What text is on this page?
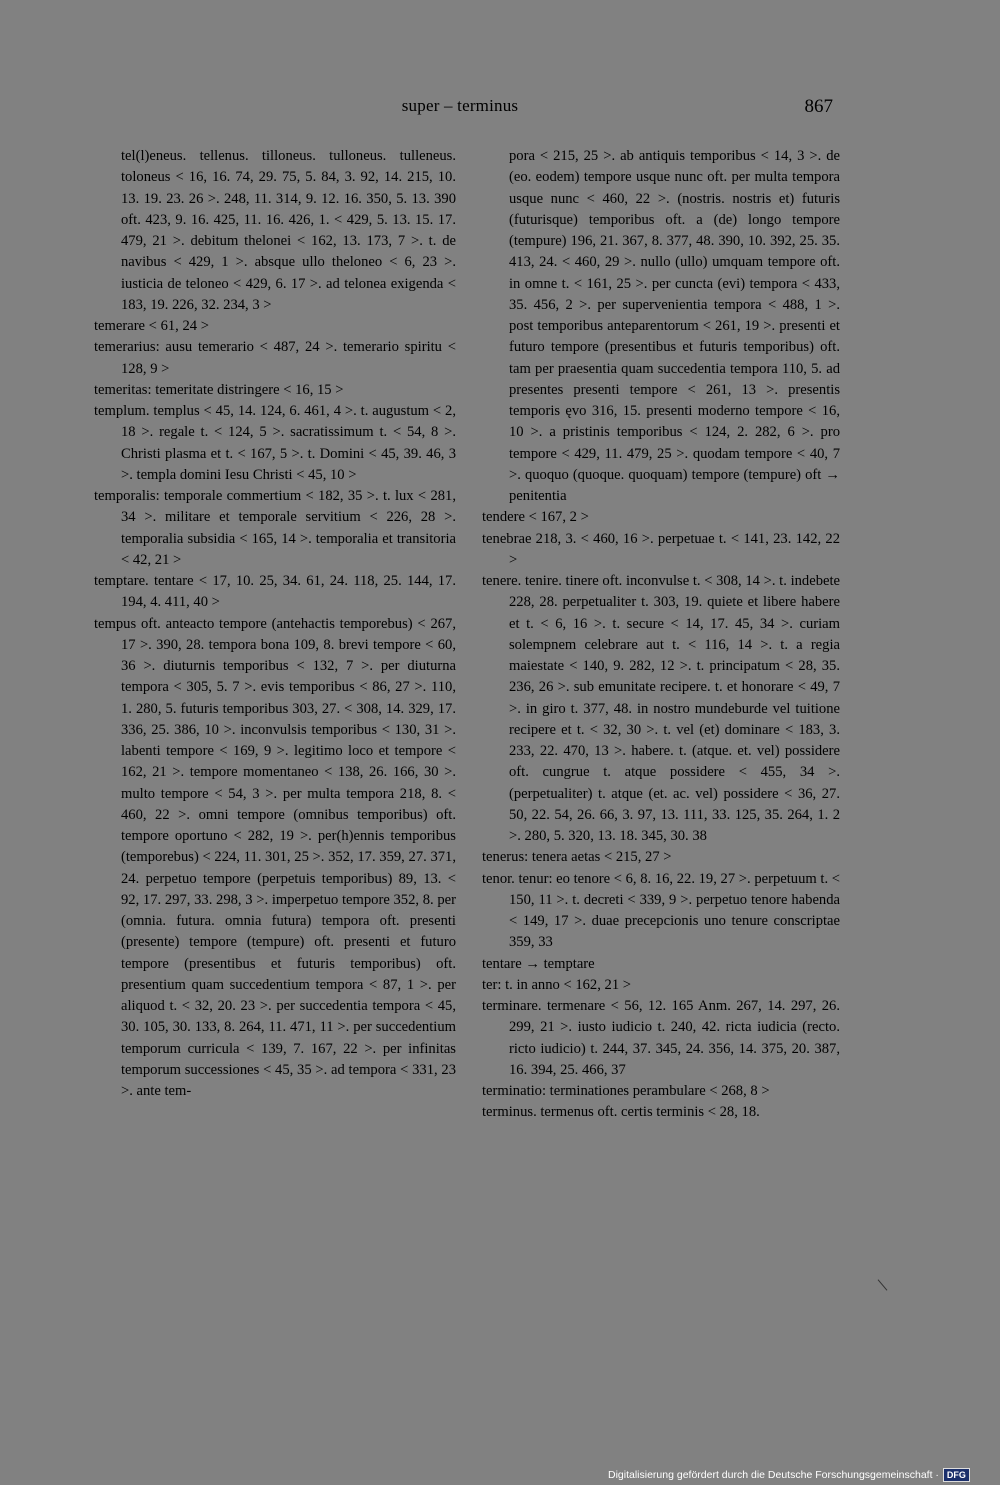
super – terminus	867
tel(l)eneus. tellenus. tilloneus. tulloneus. tulleneus. toloneus < 16, 16. 74, 29. 75, 5. 84, 3. 92, 14. 215, 10. 13. 19. 23. 26 >. 248, 11. 314, 9. 12. 16. 350, 5. 13. 390 oft. 423, 9. 16. 425, 11. 16. 426, 1. < 429, 5. 13. 15. 17. 479, 21 >. debitum thelonei < 162, 13. 173, 7 >. t. de navibus < 429, 1 >. absque ullo theloneo < 6, 23 >. iusticia de teloneo < 429, 6. 17 >. ad telonea exigenda < 183, 19. 226, 32. 234, 3 >
temerare < 61, 24 >
temerarius: ausu temerario < 487, 24 >. temerario spiritu < 128, 9 >
temeritas: temeritate distringere < 16, 15 >
templum. templus < 45, 14. 124, 6. 461, 4 >. t. augustum < 2, 18 >. regale t. < 124, 5 >. sacratissimum t. < 54, 8 >. Christi plasma et t. < 167, 5 >. t. Domini < 45, 39. 46, 3 >. templa domini Iesu Christi < 45, 10 >
temporalis: temporale commertium < 182, 35 >. t. lux < 281, 34 >. militare et temporale servitium < 226, 28 >. temporalia subsidia < 165, 14 >. temporalia et transitoria < 42, 21 >
temptare. tentare < 17, 10. 25, 34. 61, 24. 118, 25. 144, 17. 194, 4. 411, 40 >
tempus oft. anteacto tempore (antehactis temporebus) < 267, 17 >. 390, 28. tempora bona 109, 8. brevi tempore < 60, 36 >. diuturnis temporibus < 132, 7 >. per diuturna tempora < 305, 5. 7 >. evis temporibus < 86, 27 >. 110, 1. 280, 5. futuris temporibus 303, 27. < 308, 14. 329, 17. 336, 25. 386, 10 >. inconvulsis temporibus < 130, 31 >. labenti tempore < 169, 9 >. legitimo loco et tempore < 162, 21 >. tempore momentaneo < 138, 26. 166, 30 >. multo tempore < 54, 3 >. per multa tempora 218, 8. < 460, 22 >. omni tempore (omnibus temporibus) oft. tempore oportuno < 282, 19 >. per(h)ennis temporibus (temporebus) < 224, 11. 301, 25 >. 352, 17. 359, 27. 371, 24. perpetuo tempore (perpetuis temporibus) 89, 13. < 92, 17. 297, 33. 298, 3 >. imperpetuo tempore 352, 8. per (omnia. futura. omnia futura) tempora oft. presenti (presente) tempore (tempure) oft. presenti et futuro tempore (presentibus et futuris temporibus) oft. presentium quam succedentium tempora < 87, 1 >. per aliquod t. < 32, 20. 23 >. per succedentia tempora < 45, 30. 105, 30. 133, 8. 264, 11. 471, 11 >. per succedentium temporum curricula < 139, 7. 167, 22 >. per infinitas temporum successiones < 45, 35 >. ad tempora < 331, 23 >. ante tem-
pora < 215, 25 >. ab antiquis temporibus < 14, 3 >. de (eo. eodem) tempore usque nunc oft. per multa tempora usque nunc < 460, 22 >. (nostris. nostris et) futuris (futurisque) temporibus oft. a (de) longo tempore (tempure) 196, 21. 367, 8. 377, 48. 390, 10. 392, 25. 35. 413, 24. < 460, 29 >. nullo (ullo) umquam tempore oft. in omne t. < 161, 25 >. per cuncta (evi) tempora < 433, 35. 456, 2 >. per supervenientia tempora < 488, 1 >. post temporibus anteparentorum < 261, 19 >. presenti et futuro tempore (presentibus et futuris temporibus) oft. tam per praesentia quam succedentia tempora 110, 5. ad presentes presenti tempore < 261, 13 >. presentis temporis ęvo 316, 15. presenti moderno tempore < 16, 10 >. a pristinis temporibus < 124, 2. 282, 6 >. pro tempore < 429, 11. 479, 25 >. quodam tempore < 40, 7 >. quoquo (quoque. quoquam) tempore (tempure) oft → penitentia
tendere < 167, 2 >
tenebrae 218, 3. < 460, 16 >. perpetuae t. < 141, 23. 142, 22 >
tenere. tenire. tinere oft. inconvulse t. < 308, 14 >. t. indebete 228, 28. perpetualiter t. 303, 19. quiete et libere habere et t. < 6, 16 >. t. secure < 14, 17. 45, 34 >. curiam solempnem celebrare aut t. < 116, 14 >. t. a regia maiestate < 140, 9. 282, 12 >. t. principatum < 28, 35. 236, 26 >. sub emunitate recipere. t. et honorare < 49, 7 >. in giro t. 377, 48. in nostro mundeburde vel tuitione recipere et t. < 32, 30 >. t. vel (et) dominare < 183, 3. 233, 22. 470, 13 >. habere. t. (atque. et. vel) possidere oft. cungrue t. atque possidere < 455, 34 >. (perpetualiter) t. atque (et. ac. vel) possidere < 36, 27. 50, 22. 54, 26. 66, 3. 97, 13. 111, 33. 125, 35. 264, 1. 2 >. 280, 5. 320, 13. 18. 345, 30. 38
tenerus: tenera aetas < 215, 27 >
tenor. tenur: eo tenore < 6, 8. 16, 22. 19, 27 >. perpetuum t. < 150, 11 >. t. decreti < 339, 9 >. perpetuo tenore habenda < 149, 17 >. duae precepcionis uno tenure conscriptae 359, 33
tentare → temptare
ter: t. in anno < 162, 21 >
terminare. termenare < 56, 12. 165 Anm. 267, 14. 297, 26. 299, 21 >. iusto iudicio t. 240, 42. ricta iudicia (recto. ricto iudicio) t. 244, 37. 345, 24. 356, 14. 375, 20. 387, 16. 394, 25. 466, 37
terminatio: terminationes perambulare < 268, 8 >
terminus. termenus oft. certis terminis < 28, 18.
Digitalisierung gefördert durch die Deutsche Forschungsgemeinschaft · DFG
